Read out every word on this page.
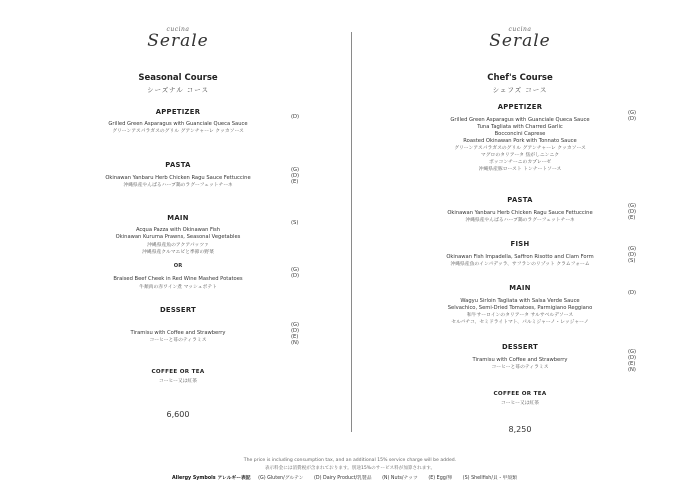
cucina
Serale
Seasonal Course
シーズナル コース
APPETIZER
Grilled Green Asparagus with Guanciale Queca Sauce
グリーンアスパラガスのグリル グアンチャーレ クッカソース
PASTA
Okinawan Yanbaru Herb Chicken Ragu Sauce Fettuccine
沖縄県産やんばるハーブ鶏のラグーフェットチーネ
MAIN
Acqua Pazza with Okinawan Fish
Okinawan Kuruma Prawns, Seasonal Vegetables
沖縄県産魚のアクアパッツァ
沖縄県産クルマエビと季節の野菜
OR
Braised Beef Cheek in Red Wine Mashed Potatoes
牛頬肉の赤ワイン煮 マッシュポテト
DESSERT
Tiramisu with Coffee and Strawberry
コーヒーと苺のティラミス
COFFEE OR TEA
コーヒー又は紅茶
6,600
(D)
(G)(D)(E)
(S)
(G)(D)
(G)(D)(E)(N)
cucina
Serale
Chef's Course
シェフズ コース
APPETIZER
Grilled Green Asparagus with Guanciale Queca Sauce
Tuna Tagliata with Charred Garlic
Bocconcini Caprese
Roasted Okinawan Pork with Tonnato Sauce
グリーンアスパラガスのグリル グアンチャーレ クッカソース
マグロのタリアータ 焦がしニンニク
ボッコンチーニのカプレーゼ
沖縄県産豚ロースト トンナートソース
PASTA
Okinawan Yanbaru Herb Chicken Ragu Sauce Fettuccine
沖縄県産やんばるハーブ鶏のラグーフェットチーネ
FISH
Okinawan Fish Impadella, Saffron Risotto and Clam Form
沖縄県産魚のインパデッラ、サフランのリゾット クラムフォーム
MAIN
Wagyu Sirloin Tagliata with Salsa Verde Sauce
Selvachico, Semi-Dried Tomatoes, Parmigiano Reggiano
和牛サーロインのタリアータ サルサベルデソース
セルバチコ、セミドライトマト、パルミジャーノ・レッジャーノ
DESSERT
Tiramisu with Coffee and Strawberry
コーヒーと苺のティラミス
COFFEE OR TEA
コーヒー又は紅茶
8,250
(G)(D)
(G)(D)(E)
(G)(D)(S)
(D)
(G)(D)(E)(N)
The price is including consumption tax, and an additional 15% service charge will be added.
表示料金には消費税が含まれております。別途15%のサービス料が加算されます。
Allergy Symbols アレルギー表記 (G) Gluten/グルテン (D) Dairy Product/乳製品 (N) Nuts/ナッツ (E) Egg/卵 (S) Shellfish/貝・甲殻類
